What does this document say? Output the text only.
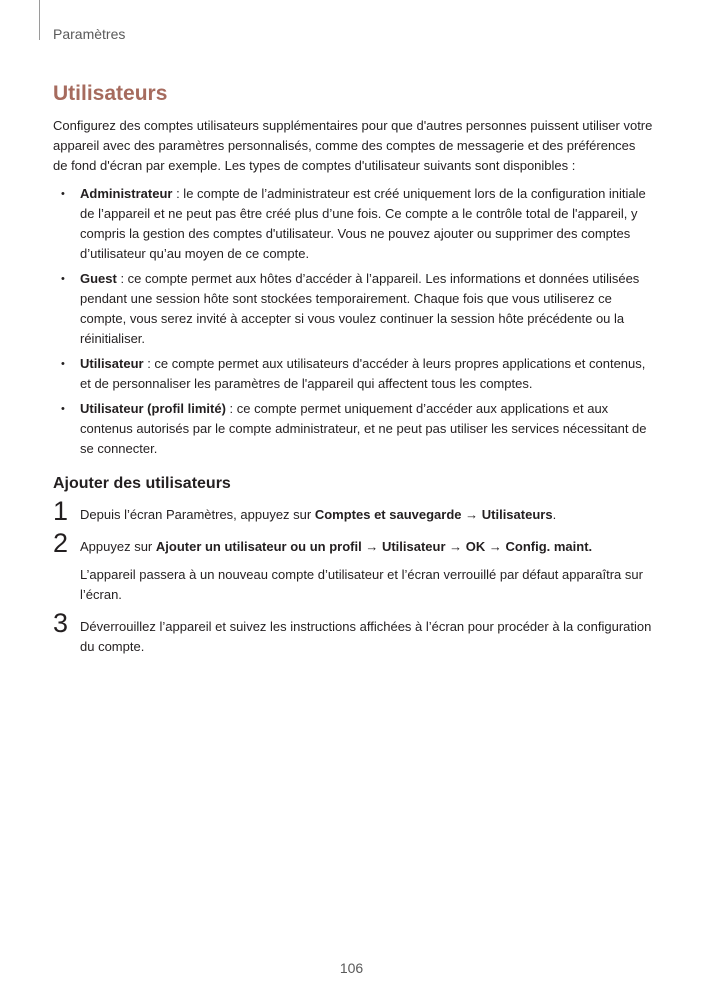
Paramètres
Utilisateurs

Configurez des comptes utilisateurs supplémentaires pour que d'autres personnes puissent utiliser votre appareil avec des paramètres personnalisés, comme des comptes de messagerie et des préférences de fond d'écran par exemple. Les types de comptes d'utilisateur suivants sont disponibles :

• Administrateur : le compte de l’administrateur est créé uniquement lors de la configuration initiale de l’appareil et ne peut pas être créé plus d’une fois. Ce compte a le contrôle total de l'appareil, y compris la gestion des comptes d'utilisateur. Vous ne pouvez ajouter ou supprimer des comptes d’utilisateur qu’au moyen de ce compte.
• Guest : ce compte permet aux hôtes d’accéder à l’appareil. Les informations et données utilisées pendant une session hôte sont stockées temporairement. Chaque fois que vous utiliserez ce compte, vous serez invité à accepter si vous voulez continuer la session hôte précédente ou la réinitialiser.
• Utilisateur : ce compte permet aux utilisateurs d'accéder à leurs propres applications et contenus, et de personnaliser les paramètres de l'appareil qui affectent tous les comptes.
• Utilisateur (profil limité) : ce compte permet uniquement d’accéder aux applications et aux contenus autorisés par le compte administrateur, et ne peut pas utiliser les services nécessitant de se connecter.
Ajouter des utilisateurs
1 Depuis l’écran Paramètres, appuyez sur Comptes et sauvegarde → Utilisateurs.

2 Appuyez sur Ajouter un utilisateur ou un profil → Utilisateur → OK → Config. maint.

L’appareil passera à un nouveau compte d’utilisateur et l’écran verrouillé par défaut apparaîtra sur l’écran.

3 Déverrouillez l’appareil et suivez les instructions affichées à l’écran pour procéder à la configuration du compte.

106
